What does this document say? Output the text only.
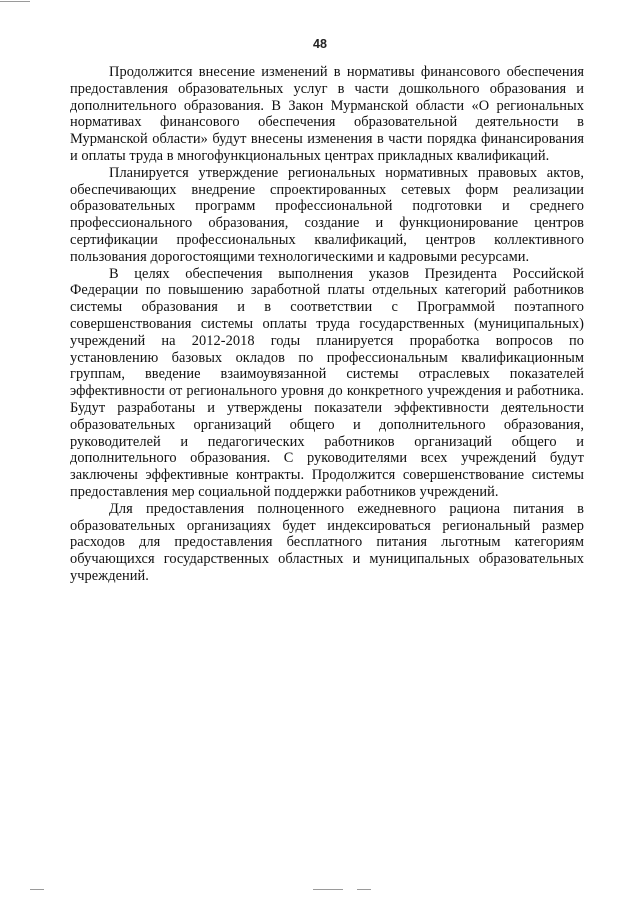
48

Продолжится внесение изменений в нормативы финансового обеспечения предоставления образовательных услуг в части дошкольного образования и дополнительного образования. В Закон Мурманской области «О региональных нормативах финансового обеспечения образовательной деятельности в Мурманской области» будут внесены изменения в части порядка финансирования и оплаты труда в многофункциональных центрах прикладных квалификаций.

Планируется утверждение региональных нормативных правовых актов, обеспечивающих внедрение спроектированных сетевых форм реализации образовательных программ профессиональной подготовки и среднего профессионального образования, создание и функционирование центров сертификации профессиональных квалификаций, центров коллективного пользования дорогостоящими технологическими и кадровыми ресурсами.

В целях обеспечения выполнения указов Президента Российской Федерации по повышению заработной платы отдельных категорий работников системы образования и в соответствии с Программой поэтапного совершенствования системы оплаты труда государственных (муниципальных) учреждений на 2012-2018 годы планируется проработка вопросов по установлению базовых окладов по профессиональным квалификационным группам, введение взаимоувязанной системы отраслевых показателей эффективности от регионального уровня до конкретного учреждения и работника. Будут разработаны и утверждены показатели эффективности деятельности образовательных организаций общего и дополнительного образования, руководителей и педагогических работников организаций общего и дополнительного образования. С руководителями всех учреждений будут заключены эффективные контракты. Продолжится совершенствование системы предоставления мер социальной поддержки работников учреждений.

Для предоставления полноценного ежедневного рациона питания в образовательных организациях будет индексироваться региональный размер расходов для предоставления бесплатного питания льготным категориям обучающихся государственных областных и муниципальных образовательных учреждений.
